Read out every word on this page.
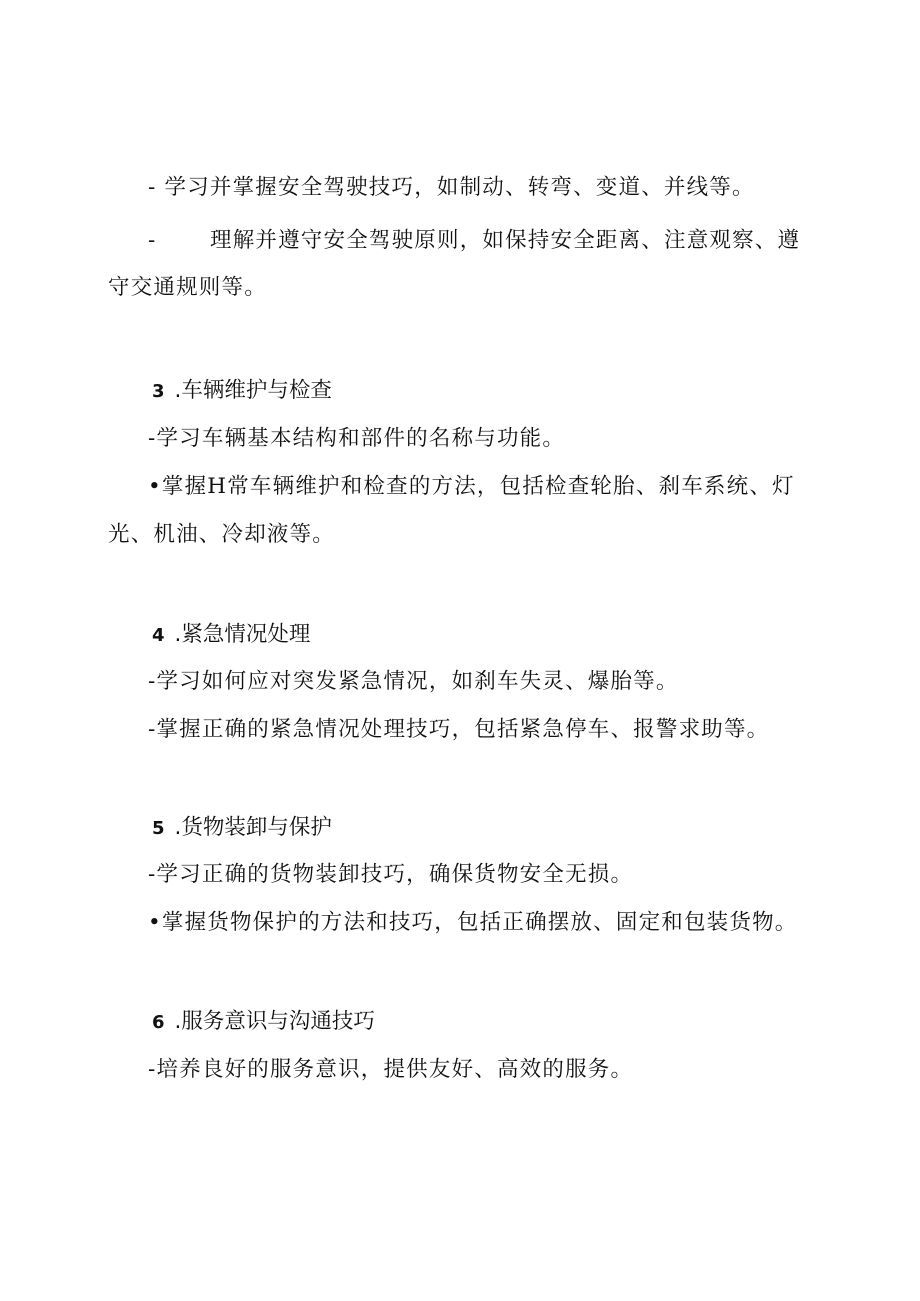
- 学习并掌握安全驾驶技巧，如制动、转弯、变道、并线等。
- 理解并遵守安全驾驶原则，如保持安全距离、注意观察、遵
守交通规则等。
3 .车辆维护与检查
-学习车辆基本结构和部件的名称与功能。
•掌握H常车辆维护和检查的方法，包括检查轮胎、刹车系统、灯
光、机油、冷却液等。
4 .紧急情况处理
-学习如何应对突发紧急情况，如刹车失灵、爆胎等。
-掌握正确的紧急情况处理技巧，包括紧急停车、报警求助等。
5 .货物装卸与保护
-学习正确的货物装卸技巧，确保货物安全无损。
•掌握货物保护的方法和技巧，包括正确摆放、固定和包装货物。
6 .服务意识与沟通技巧
-培养良好的服务意识，提供友好、高效的服务。
